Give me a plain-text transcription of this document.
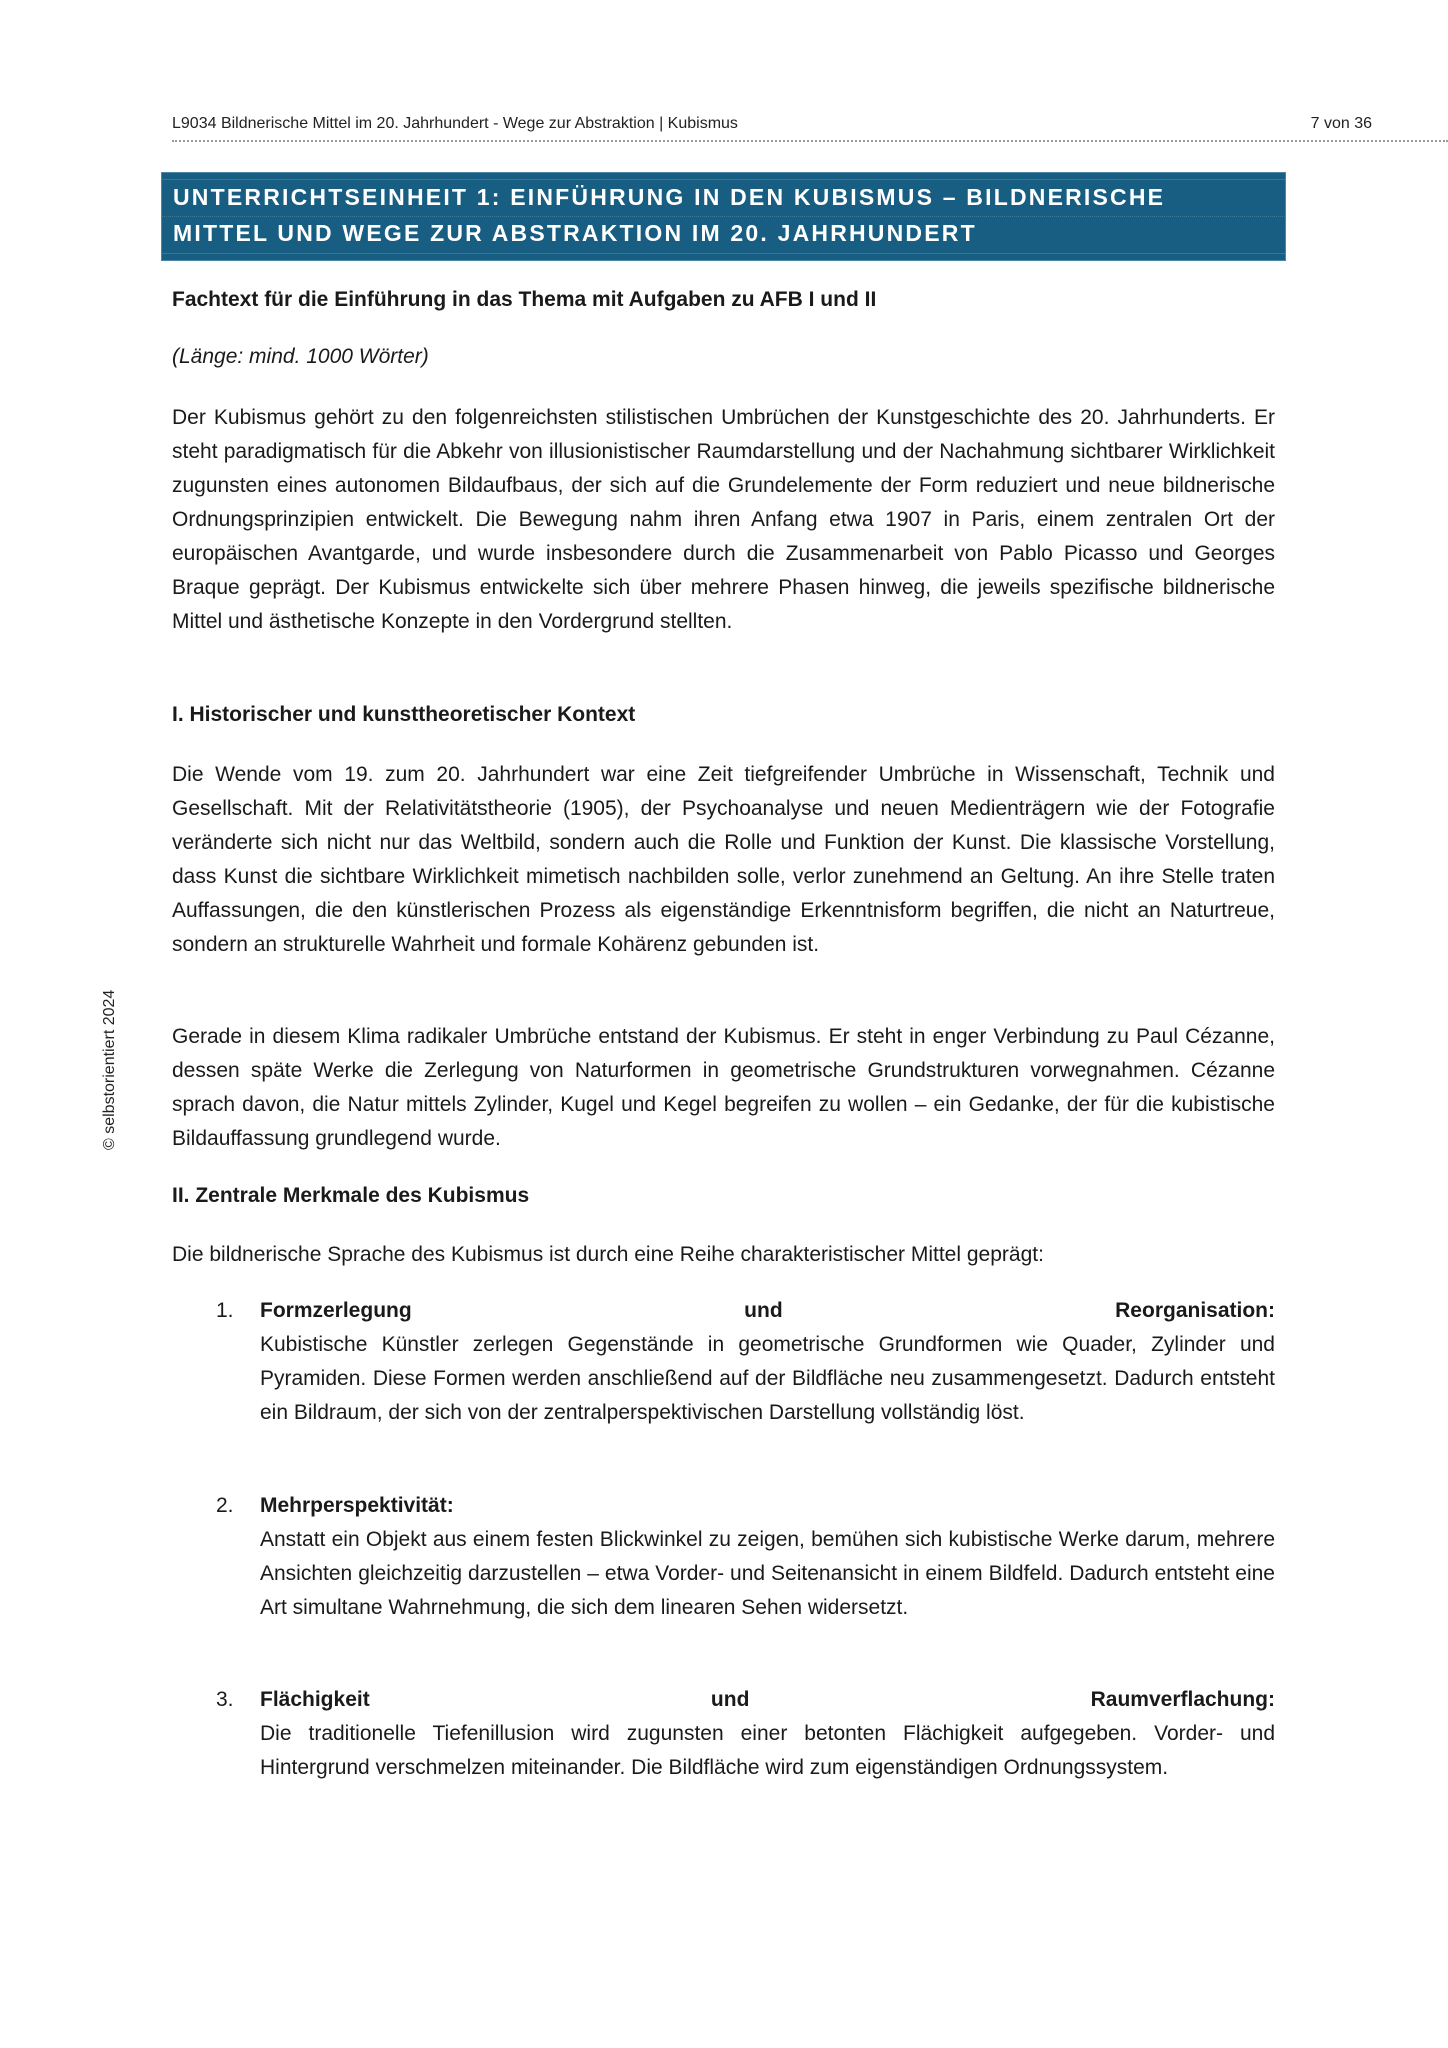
L9034 Bildnerische Mittel im 20. Jahrhundert - Wege zur Abstraktion | Kubismus	7 von 36
© selbstorientiert 2024
UNTERRICHTSEINHEIT 1: EINFÜHRUNG IN DEN KUBISMUS – BILDNERISCHE
MITTEL UND WEGE ZUR ABSTRAKTION IM 20. JAHRHUNDERT
Fachtext für die Einführung in das Thema mit Aufgaben zu AFB I und II
(Länge: mind. 1000 Wörter)
Der Kubismus gehört zu den folgenreichsten stilistischen Umbrüchen der Kunstgeschichte des 20. Jahrhunderts. Er steht paradigmatisch für die Abkehr von illusionistischer Raumdarstellung und der Nachahmung sichtbarer Wirklichkeit zugunsten eines autonomen Bildaufbaus, der sich auf die Grundelemente der Form reduziert und neue bildnerische Ordnungsprinzipien entwickelt. Die Bewegung nahm ihren Anfang etwa 1907 in Paris, einem zentralen Ort der europäischen Avantgarde, und wurde insbesondere durch die Zusammenarbeit von Pablo Picasso und Georges Braque geprägt. Der Kubismus entwickelte sich über mehrere Phasen hinweg, die jeweils spezifische bildnerische Mittel und ästhetische Konzepte in den Vordergrund stellten.
I. Historischer und kunsttheoretischer Kontext
Die Wende vom 19. zum 20. Jahrhundert war eine Zeit tiefgreifender Umbrüche in Wissenschaft, Technik und Gesellschaft. Mit der Relativitätstheorie (1905), der Psychoanalyse und neuen Medienträgern wie der Fotografie veränderte sich nicht nur das Weltbild, sondern auch die Rolle und Funktion der Kunst. Die klassische Vorstellung, dass Kunst die sichtbare Wirklichkeit mimetisch nachbilden solle, verlor zunehmend an Geltung. An ihre Stelle traten Auffassungen, die den künstlerischen Prozess als eigenständige Erkenntnisform begriffen, die nicht an Naturtreue, sondern an strukturelle Wahrheit und formale Kohärenz gebunden ist.
Gerade in diesem Klima radikaler Umbrüche entstand der Kubismus. Er steht in enger Verbindung zu Paul Cézanne, dessen späte Werke die Zerlegung von Naturformen in geometrische Grundstrukturen vorwegnahmen. Cézanne sprach davon, die Natur mittels Zylinder, Kugel und Kegel begreifen zu wollen – ein Gedanke, der für die kubistische Bildauffassung grundlegend wurde.
II. Zentrale Merkmale des Kubismus
Die bildnerische Sprache des Kubismus ist durch eine Reihe charakteristischer Mittel geprägt:
1. Formzerlegung	und	Reorganisation:
Kubistische Künstler zerlegen Gegenstände in geometrische Grundformen wie Quader, Zylinder und Pyramiden. Diese Formen werden anschließend auf der Bildfläche neu zusammengesetzt. Dadurch entsteht ein Bildraum, der sich von der zentralperspektivischen Darstellung vollständig löst.
2. Mehrperspektivität:
Anstatt ein Objekt aus einem festen Blickwinkel zu zeigen, bemühen sich kubistische Werke darum, mehrere Ansichten gleichzeitig darzustellen – etwa Vorder- und Seitenansicht in einem Bildfeld. Dadurch entsteht eine Art simultane Wahrnehmung, die sich dem linearen Sehen widersetzt.
3. Flächigkeit	und	Raumverflachung:
Die traditionelle Tiefenillusion wird zugunsten einer betonten Flächigkeit aufgegeben. Vorder- und Hintergrund verschmelzen miteinander. Die Bildfläche wird zum eigenständigen Ordnungssystem.
